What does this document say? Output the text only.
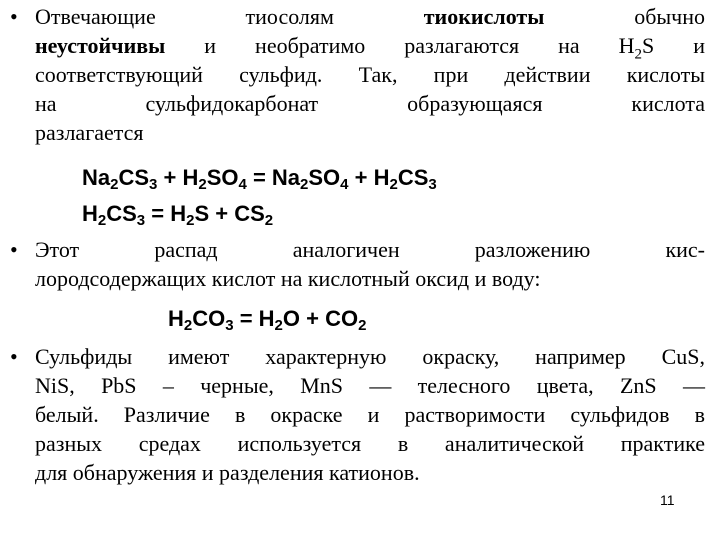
• Отвечающие тиосолям тиокислоты обычно
неустойчивы и необратимо разлагаются на $H_2S$ и
соответствующий сульфид. Так, при действии кислоты
на сульфидокарбонат образующаяся кислота
разлагается
$Na_2CS_3 + H_2SO_4 = Na_2SO_4 + H_2CS_3$
$H_2CS_3 = H_2S + CS_2$
• Этот распад аналогичен разложению кис-
лородсодержащих кислот на кислотный оксид и воду:
$H_2CO_3 = H_2O + CO_2$
• Сульфиды имеют характерную окраску, например CuS,
NiS, PbS – черные, MnS — телесного цвета, ZnS —
белый. Различие в окраске и растворимости сульфидов в
разных средах используется в аналитической практике
для обнаружения и разделения катионов.
11
